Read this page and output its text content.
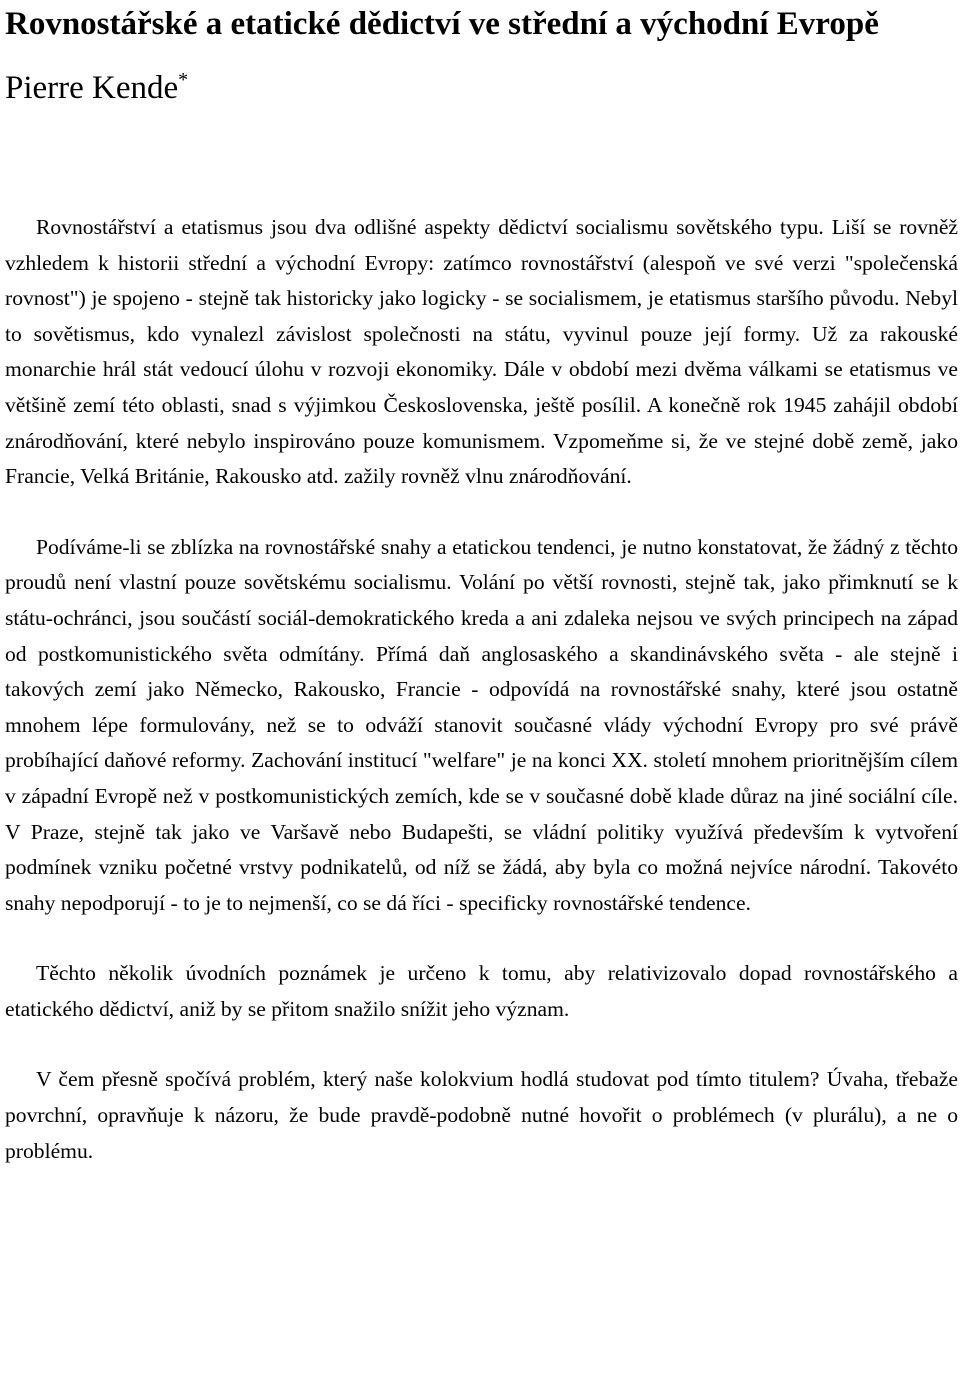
Rovnostářské a etatické dědictví ve střední a východní Evropě
Pierre Kende*

Rovnostářství a etatismus jsou dva odlišné aspekty dědictví socialismu sovětského typu. Liší se rovněž vzhledem k historii střední a východní Evropy: zatímco rovnostářství (alespoň ve své verzi "společenská rovnost") je spojeno - stejně tak historicky jako logicky - se socialismem, je etatismus staršího původu. Nebyl to sovětismus, kdo vynalezl závislost společnosti na státu, vyvinul pouze její formy. Už za rakouské monarchie hrál stát vedoucí úlohu v rozvoji ekonomiky. Dále v období mezi dvěma válkami se etatismus ve většině zemí této oblasti, snad s výjimkou Československa, ještě posílil. A konečně rok 1945 zahájil období znárodňování, které nebylo inspirováno pouze komunismem. Vzpomeňme si, že ve stejné době země, jako Francie, Velká Británie, Rakousko atd. zažily rovněž vlnu znárodňování.

Podíváme-li se zblízka na rovnostářské snahy a etatickou tendenci, je nutno konstatovat, že žádný z těchto proudů není vlastní pouze sovětskému socialismu. Volání po větší rovnosti, stejně tak, jako přimknutí se k státu-ochránci, jsou součástí sociál-demokratického kreda a ani zdaleka nejsou ve svých principech na západ od postkomunistického světa odmítány. Přímá daň anglosaského a skandinávského světa - ale stejně i takových zemí jako Německo, Rakousko, Francie - odpovídá na rovnostářské snahy, které jsou ostatně mnohem lépe formulovány, než se to odváží stanovit současné vlády východní Evropy pro své právě probíhající daňové reformy. Zachování institucí "welfare" je na konci XX. století mnohem prioritnějším cílem v západní Evropě než v postkomunistických zemích, kde se v současné době klade důraz na jiné sociální cíle. V Praze, stejně tak jako ve Varšavě nebo Budapešti, se vládní politiky využívá především k vytvoření podmínek vzniku početné vrstvy podnikatelů, od níž se žádá, aby byla co možná nejvíce národní. Takovéto snahy nepodporují - to je to nejmenší, co se dá říci - specificky rovnostářské tendence.

Těchto několik úvodních poznámek je určeno k tomu, aby relativizovalo dopad rovnostářského a etatického dědictví, aniž by se přitom snažilo snížit jeho význam.

V čem přesně spočívá problém, který naše kolokvium hodlá studovat pod tímto titulem? Úvaha, třebaže povrchní, opravňuje k názoru, že bude pravdě-podobně nutné hovořit o problémech (v plurálu), a ne o problému.
